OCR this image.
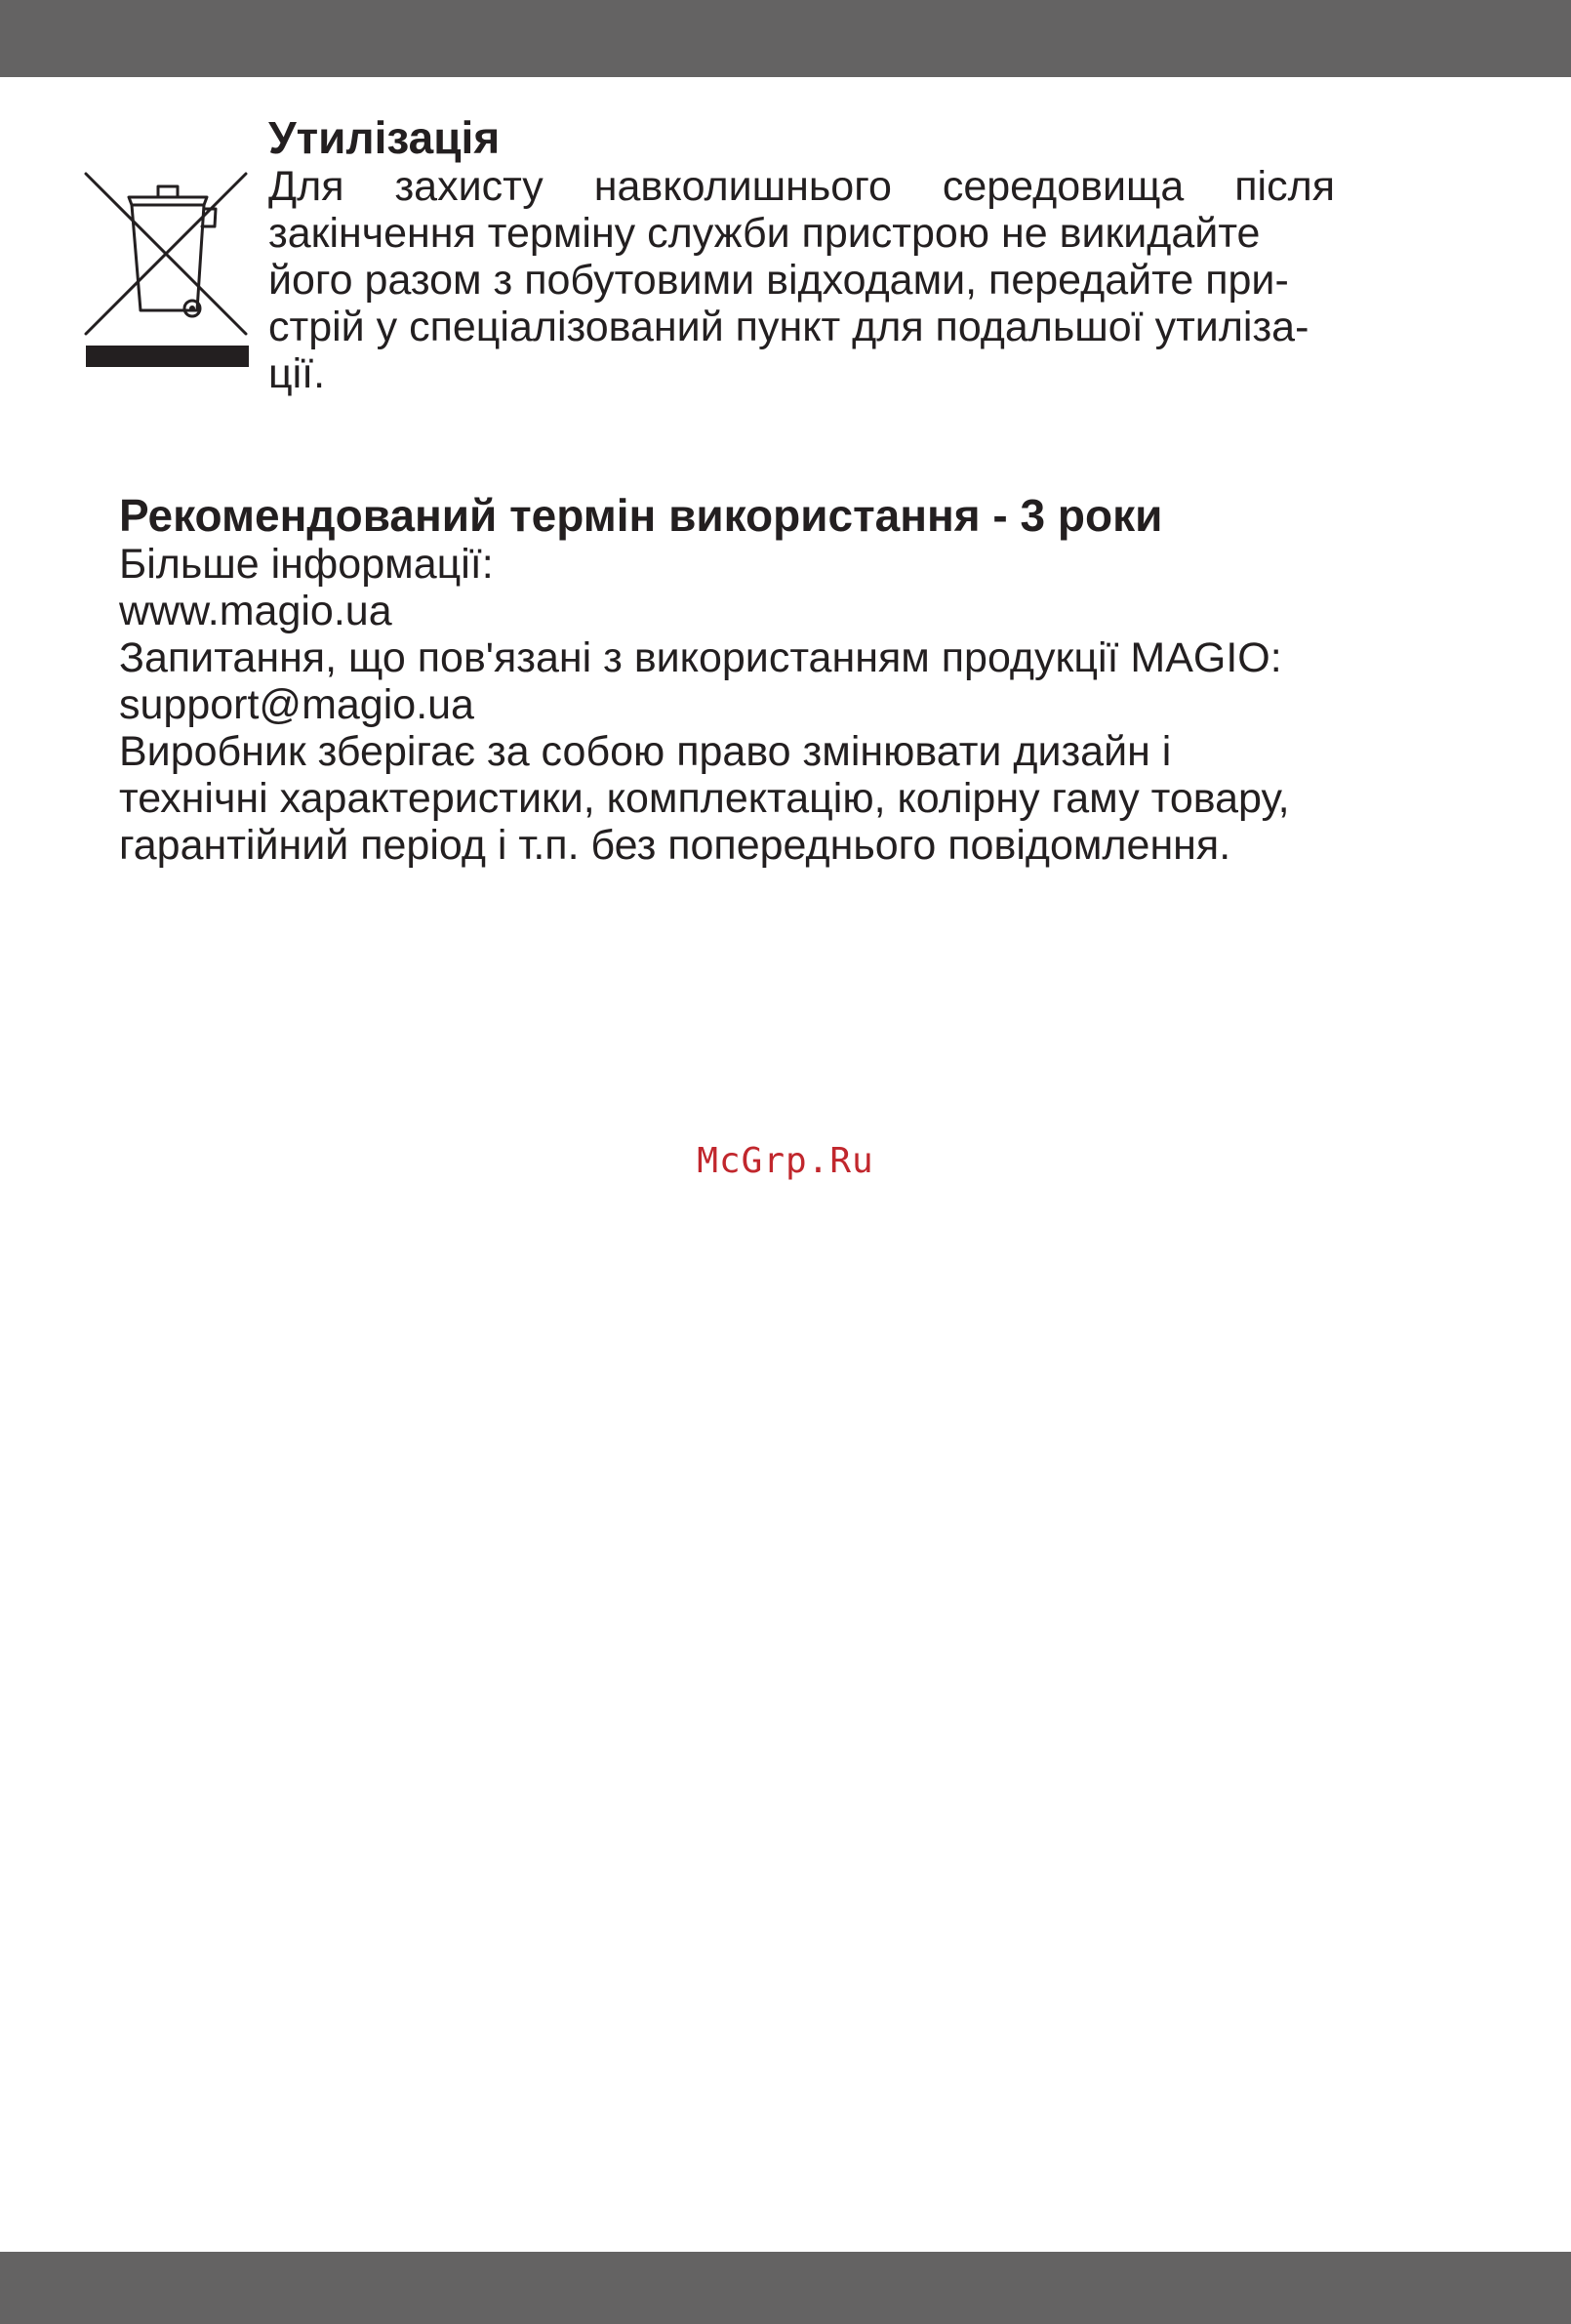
Утилізація

Для захисту навколишнього середовища після
закінчення терміну служби пристрою не викидайте
його разом з побутовими відходами, передайте при-
стрій у спеціалізований пункт для подальшої утиліза-
ції.

Рекомендований термін використання - 3 роки

Більше інформації:
www.magio.ua
Запитання, що пов'язані з використанням продукції MAGIO:
support@magio.ua
Виробник зберігає за собою право змінювати дизайн і
технічні характеристики, комплектацію, колірну гаму товару,
гарантійний період і т.п. без попереднього повідомлення.

McGrp.Ru
